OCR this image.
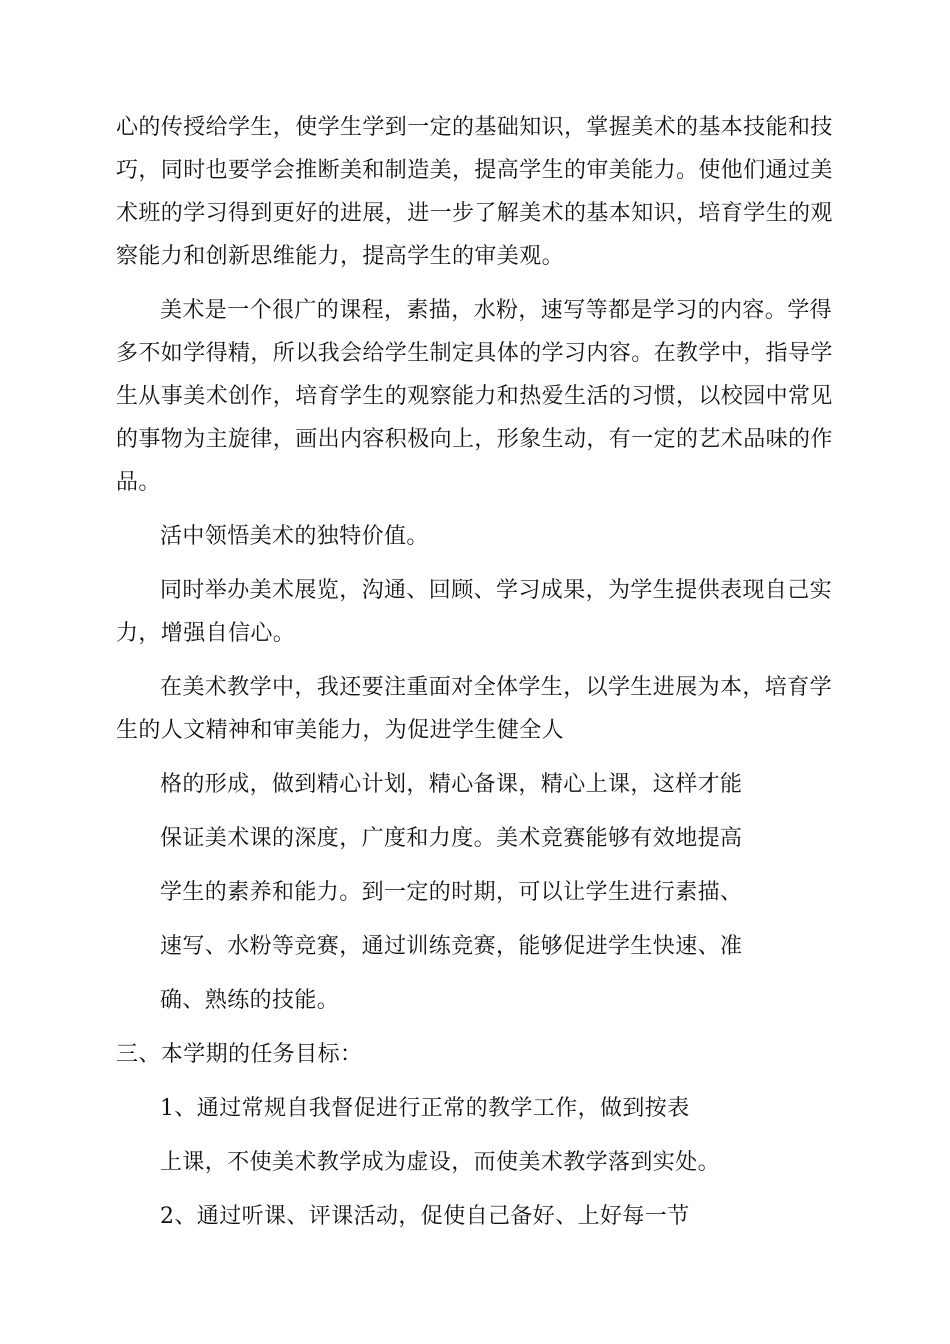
心的传授给学生，使学生学到一定的基础知识，掌握美术的基本技能和技
巧，同时也要学会推断美和制造美，提高学生的审美能力。使他们通过美
术班的学习得到更好的进展，进一步了解美术的基本知识，培育学生的观
察能力和创新思维能力，提高学生的审美观。
美术是一个很广的课程，素描，水粉，速写等都是学习的内容。学得
多不如学得精，所以我会给学生制定具体的学习内容。在教学中，指导学
生从事美术创作，培育学生的观察能力和热爱生活的习惯，以校园中常见
的事物为主旋律，画出内容积极向上，形象生动，有一定的艺术品味的作
品。
活中领悟美术的独特价值。
同时举办美术展览，沟通、回顾、学习成果，为学生提供表现自己实
力，增强自信心。
在美术教学中，我还要注重面对全体学生，以学生进展为本，培育学
生的人文精神和审美能力，为促进学生健全人
格的形成，做到精心计划，精心备课，精心上课，这样才能
保证美术课的深度，广度和力度。美术竞赛能够有效地提高
学生的素养和能力。到一定的时期，可以让学生进行素描、
速写、水粉等竞赛，通过训练竞赛，能够促进学生快速、准
确、熟练的技能。
三、本学期的任务目标：
1、通过常规自我督促进行正常的教学工作，做到按表
上课，不使美术教学成为虚设，而使美术教学落到实处。
2、通过听课、评课活动，促使自己备好、上好每一节
